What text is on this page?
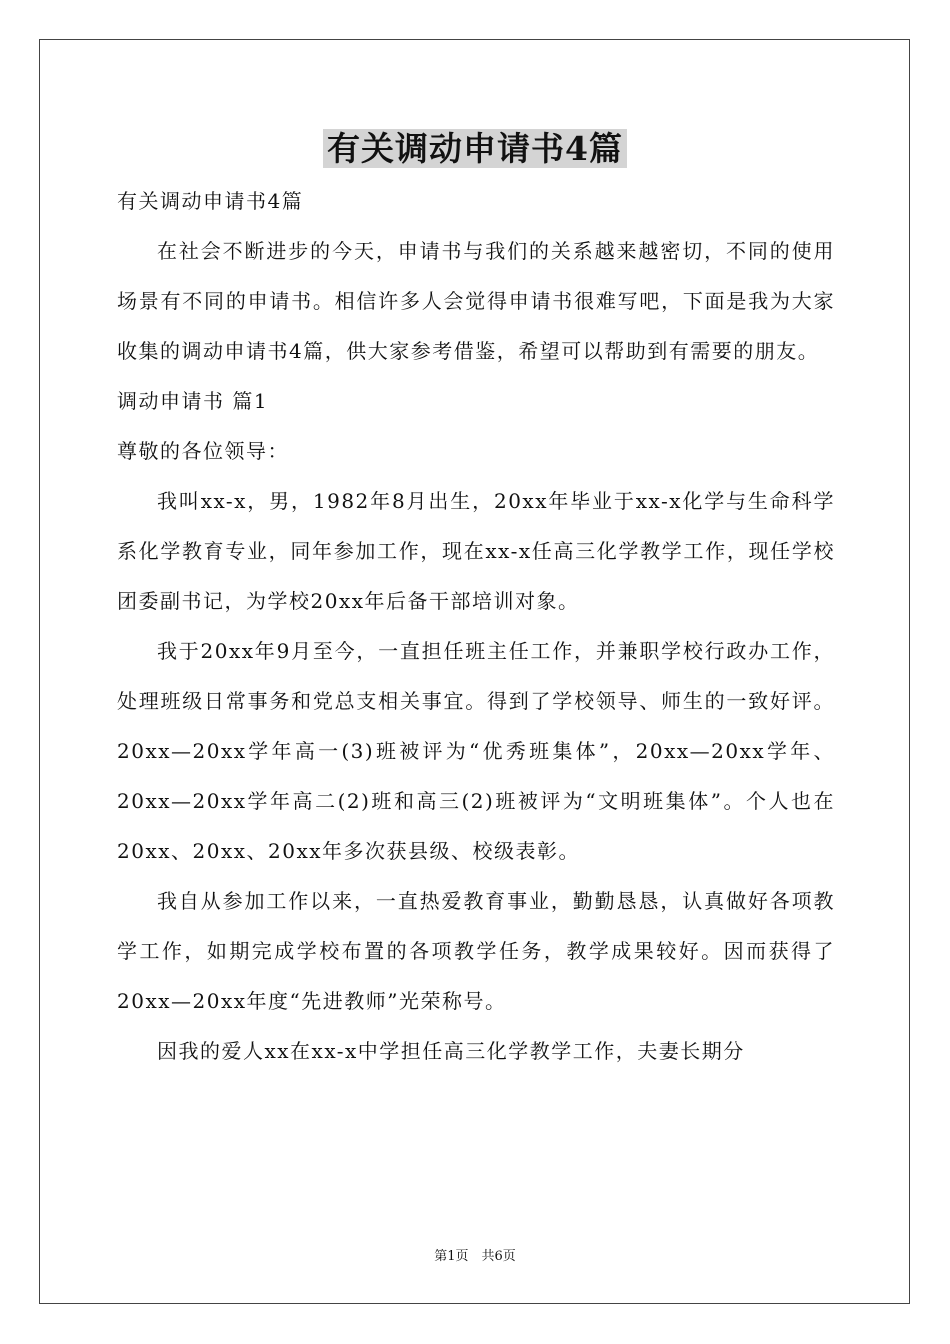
有关调动申请书4篇

有关调动申请书4篇

在社会不断进步的今天，申请书与我们的关系越来越密切，不同的使用场景有不同的申请书。相信许多人会觉得申请书很难写吧，下面是我为大家收集的调动申请书4篇，供大家参考借鉴，希望可以帮助到有需要的朋友。

调动申请书 篇1

尊敬的各位领导：

我叫xx-x，男，1982年8月出生，20xx年毕业于xx-x化学与生命科学系化学教育专业，同年参加工作，现在xx-x任高三化学教学工作，现任学校团委副书记，为学校20xx年后备干部培训对象。

我于20xx年9月至今，一直担任班主任工作，并兼职学校行政办工作，处理班级日常事务和党总支相关事宜。得到了学校领导、师生的一致好评。20xx—20xx学年高一(3)班被评为“优秀班集体”，20xx—20xx学年、20xx—20xx学年高二(2)班和高三(2)班被评为“文明班集体”。个人也在20xx、20xx、20xx年多次获县级、校级表彰。

我自从参加工作以来，一直热爱教育事业，勤勤恳恳，认真做好各项教学工作，如期完成学校布置的各项教学任务，教学成果较好。因而获得了20xx—20xx年度“先进教师”光荣称号。

因我的爱人xx在xx-x中学担任高三化学教学工作，夫妻长期分

第1页　共6页
